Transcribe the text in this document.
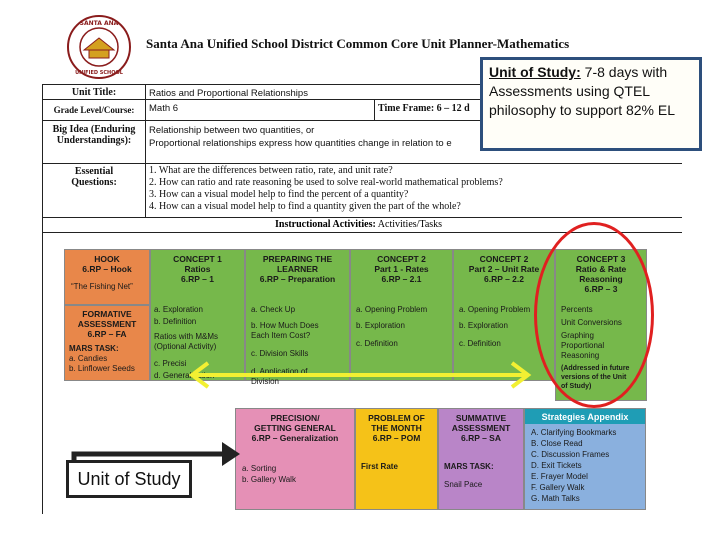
SANTA ANA
UNIFIED SCHOOL
Santa Ana Unified School District Common Core Unit Planner-Mathematics
Unit Title:	Ratios and Proportional Relationships
Grade Level/Course:	Math 6	Time Frame: 6 – 12 d
Big Idea (Enduring Understandings):
Relationship between two quantities, or
Proportional relationships express how quantities change in relation to e
Essential Questions:
1. What are the differences between ratio, rate, and unit rate?
2. How can ratio and rate reasoning be used to solve real-world mathematical problems?
3. How can a visual model help to find the percent of a quantity?
4. How can a visual model help to find a quantity given the part of the whole?
Instructional Activities: Activities/Tasks
Unit of Study: 7-8 days with Assessments using QTEL philosophy to support 82% EL
HOOK
6.RP – Hook
“The Fishing Net”
FORMATIVE
ASSESSMENT
6.RP – FA
MARS TASK:
a. Candies
b. Linflower Seeds
CONCEPT 1
Ratios
6.RP – 1
a. Exploration
b. Definition
Ratios with M&Ms
(Optional Activity)
c. Precisi
d. Generalization
PREPARING THE
LEARNER
6.RP – Preparation
a. Check Up
b. How Much Does
Each Item Cost?
c. Division Skills
d. Application of
Division
CONCEPT 2
Part 1 - Rates
6.RP – 2.1
a. Opening Problem
b. Exploration
c. Definition
CONCEPT 2
Part 2 – Unit Rate
6.RP – 2.2
a. Opening Problem
b. Exploration
c. Definition
CONCEPT 3
Ratio & Rate
Reasoning
6.RP – 3
Percents
Unit Conversions
Graphing
Proportional
Reasoning
(Addressed in future
versions of the Unit
of Study)
PRECISION/
GETTING GENERAL
6.RP – Generalization
a. Sorting
b. Gallery Walk
PROBLEM OF
THE MONTH
6.RP – POM
First Rate
SUMMATIVE
ASSESSMENT
6.RP – SA
MARS TASK:
Snail Pace
Strategies Appendix
A. Clarifying Bookmarks
B. Close Read
C. Discussion Frames
D. Exit Tickets
E. Frayer Model
F. Gallery Walk
G. Math Talks
Unit of Study
